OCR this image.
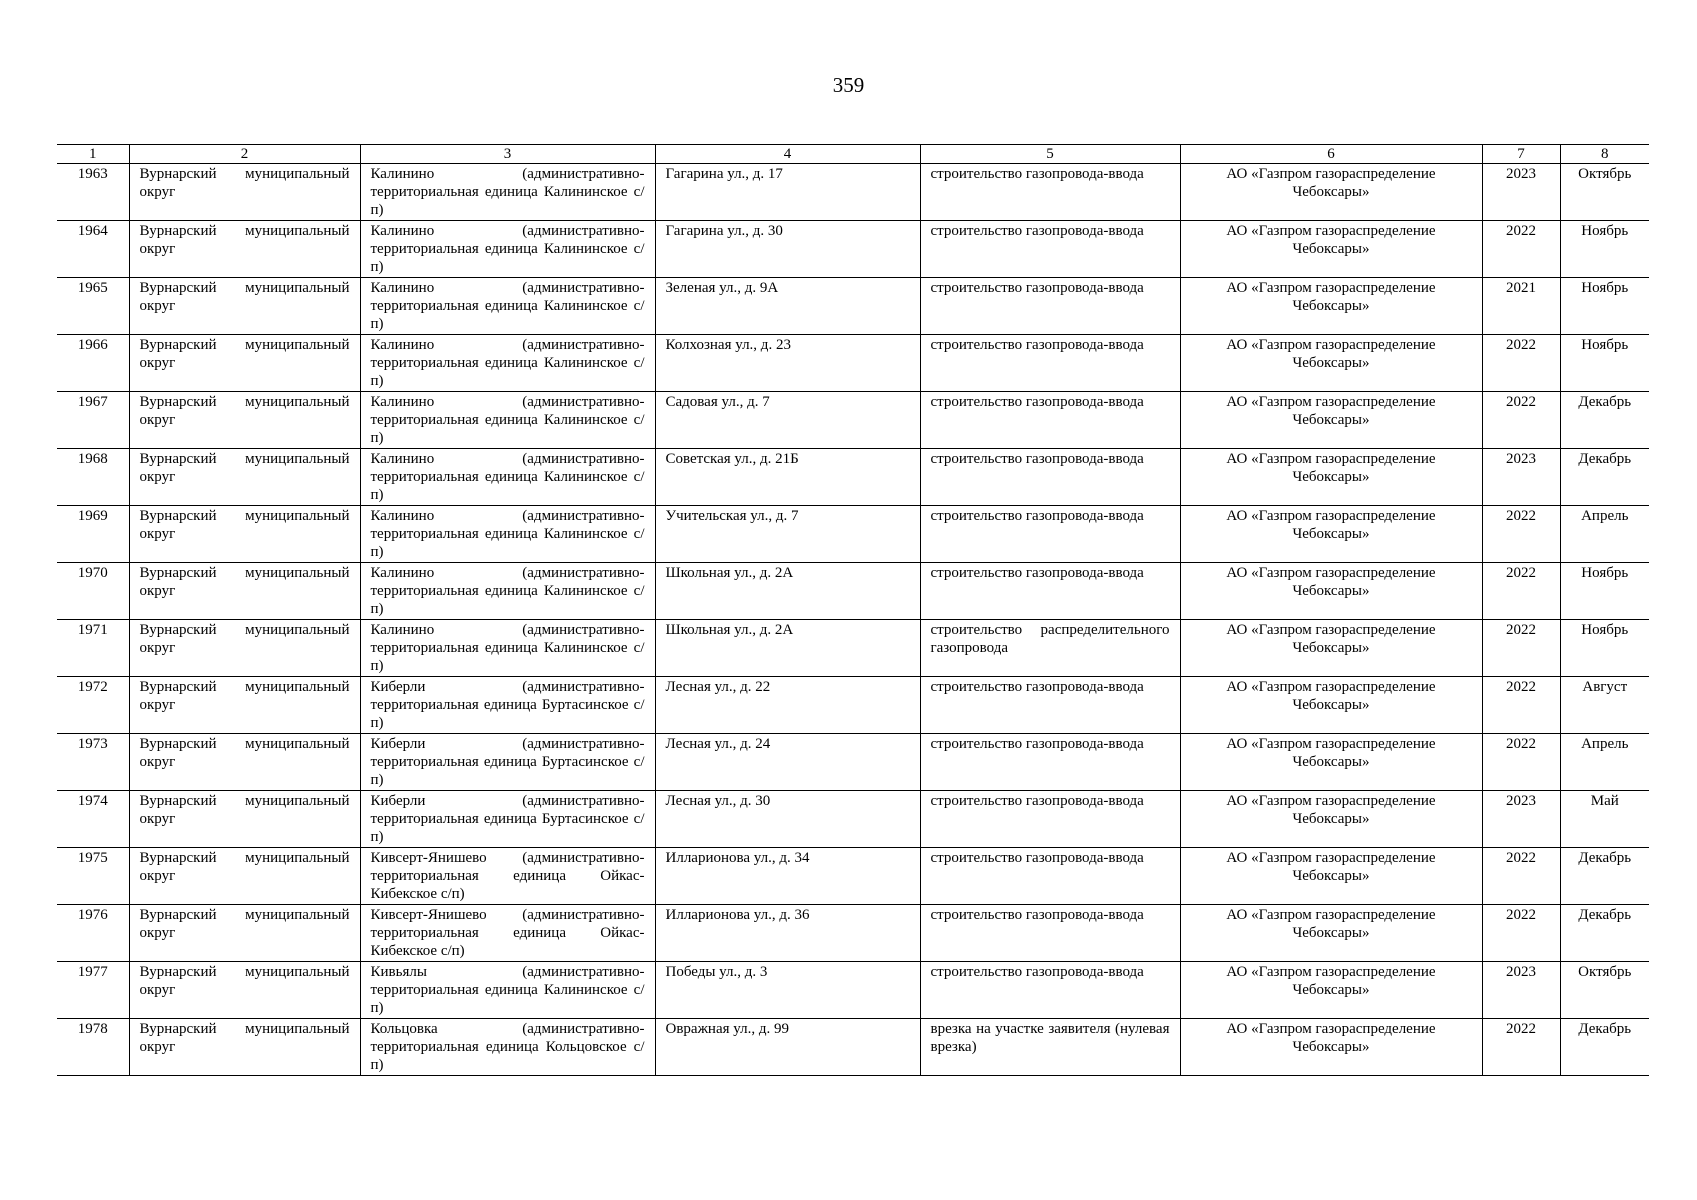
359
1	2	3	4	5	6	7	8
1963	Вурнарский муниципальный округ	Калинино (административно-территориальная единица Калининское с/п)	Гагарина ул., д. 17	строительство газопровода-ввода	АО «Газпром газораспределение Чебоксары»	2023	Октябрь
1964	Вурнарский муниципальный округ	Калинино (административно-территориальная единица Калининское с/п)	Гагарина ул., д. 30	строительство газопровода-ввода	АО «Газпром газораспределение Чебоксары»	2022	Ноябрь
1965	Вурнарский муниципальный округ	Калинино (административно-территориальная единица Калининское с/п)	Зеленая ул., д. 9А	строительство газопровода-ввода	АО «Газпром газораспределение Чебоксары»	2021	Ноябрь
1966	Вурнарский муниципальный округ	Калинино (административно-территориальная единица Калининское с/п)	Колхозная ул., д. 23	строительство газопровода-ввода	АО «Газпром газораспределение Чебоксары»	2022	Ноябрь
1967	Вурнарский муниципальный округ	Калинино (административно-территориальная единица Калининское с/п)	Садовая ул., д. 7	строительство газопровода-ввода	АО «Газпром газораспределение Чебоксары»	2022	Декабрь
1968	Вурнарский муниципальный округ	Калинино (административно-территориальная единица Калининское с/п)	Советская ул., д. 21Б	строительство газопровода-ввода	АО «Газпром газораспределение Чебоксары»	2023	Декабрь
1969	Вурнарский муниципальный округ	Калинино (административно-территориальная единица Калининское с/п)	Учительская ул., д. 7	строительство газопровода-ввода	АО «Газпром газораспределение Чебоксары»	2022	Апрель
1970	Вурнарский муниципальный округ	Калинино (административно-территориальная единица Калининское с/п)	Школьная ул., д. 2А	строительство газопровода-ввода	АО «Газпром газораспределение Чебоксары»	2022	Ноябрь
1971	Вурнарский муниципальный округ	Калинино (административно-территориальная единица Калининское с/п)	Школьная ул., д. 2А	строительство распределительного газопровода	АО «Газпром газораспределение Чебоксары»	2022	Ноябрь
1972	Вурнарский муниципальный округ	Киберли (административно-территориальная единица Буртасинское с/п)	Лесная ул., д. 22	строительство газопровода-ввода	АО «Газпром газораспределение Чебоксары»	2022	Август
1973	Вурнарский муниципальный округ	Киберли (административно-территориальная единица Буртасинское с/п)	Лесная ул., д. 24	строительство газопровода-ввода	АО «Газпром газораспределение Чебоксары»	2022	Апрель
1974	Вурнарский муниципальный округ	Киберли (административно-территориальная единица Буртасинское с/п)	Лесная ул., д. 30	строительство газопровода-ввода	АО «Газпром газораспределение Чебоксары»	2023	Май
1975	Вурнарский муниципальный округ	Кивсерт-Янишево (административно-территориальная единица Ойкас-Кибекское с/п)	Илларионова ул., д. 34	строительство газопровода-ввода	АО «Газпром газораспределение Чебоксары»	2022	Декабрь
1976	Вурнарский муниципальный округ	Кивсерт-Янишево (административно-территориальная единица Ойкас-Кибекское с/п)	Илларионова ул., д. 36	строительство газопровода-ввода	АО «Газпром газораспределение Чебоксары»	2022	Декабрь
1977	Вурнарский муниципальный округ	Кивьялы (административно-территориальная единица Калининское с/п)	Победы ул., д. 3	строительство газопровода-ввода	АО «Газпром газораспределение Чебоксары»	2023	Октябрь
1978	Вурнарский муниципальный округ	Кольцовка (административно-территориальная единица Кольцовское с/п)	Овражная ул., д. 99	врезка на участке заявителя (нулевая врезка)	АО «Газпром газораспределение Чебоксары»	2022	Декабрь
